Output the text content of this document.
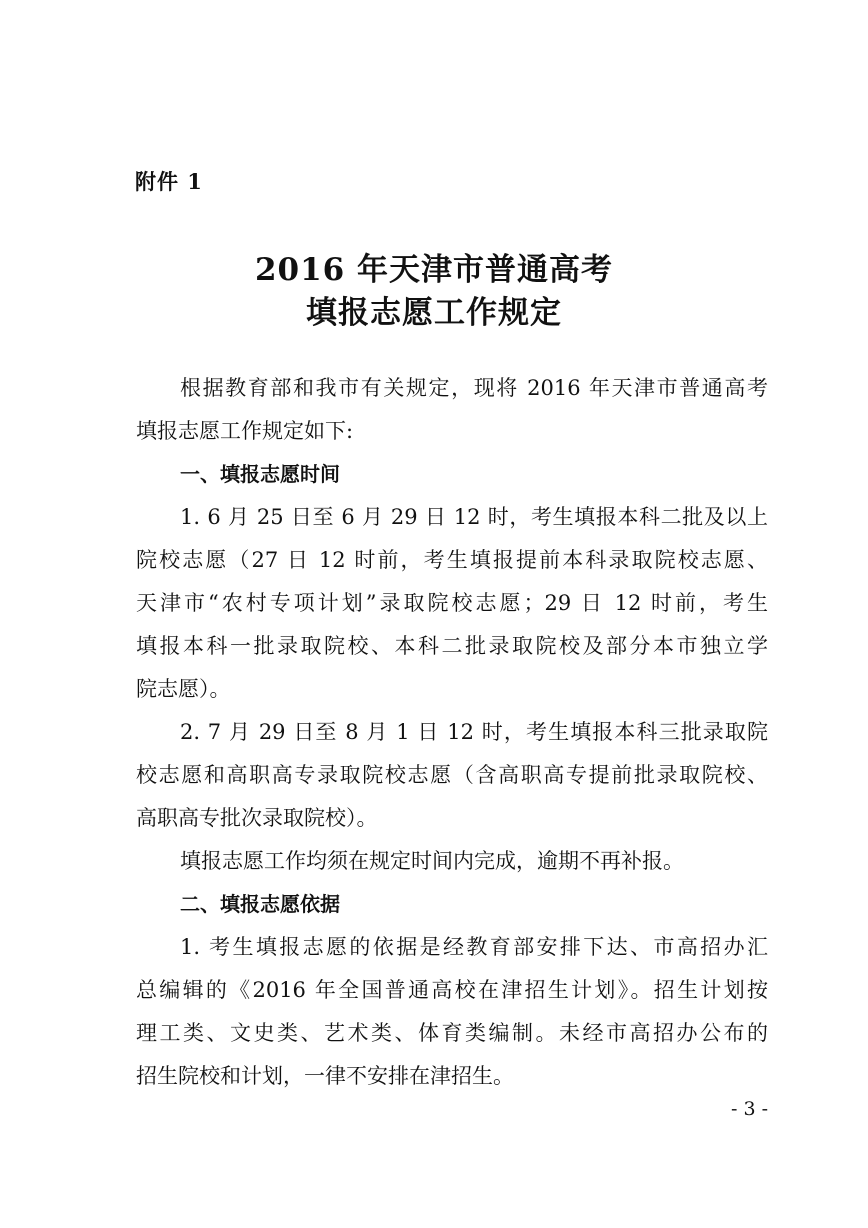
附件 1
2016 年天津市普通高考
填报志愿工作规定
根据教育部和我市有关规定，现将 2016 年天津市普通高考
填报志愿工作规定如下:
一、填报志愿时间
1. 6 月 25 日至 6 月 29 日 12 时，考生填报本科二批及以上
院校志愿（27 日 12 时前，考生填报提前本科录取院校志愿、
天津市“农村专项计划”录取院校志愿；29 日 12 时前，考生
填报本科一批录取院校、本科二批录取院校及部分本市独立学
院志愿）。
2. 7 月 29 日至 8 月 1 日 12 时，考生填报本科三批录取院
校志愿和高职高专录取院校志愿（含高职高专提前批录取院校、
高职高专批次录取院校）。
填报志愿工作均须在规定时间内完成，逾期不再补报。
二、填报志愿依据
1. 考生填报志愿的依据是经教育部安排下达、市高招办汇
总编辑的《2016 年全国普通高校在津招生计划》。招生计划按
理工类、文史类、艺术类、体育类编制。未经市高招办公布的
招生院校和计划，一律不安排在津招生。
- 3 -
